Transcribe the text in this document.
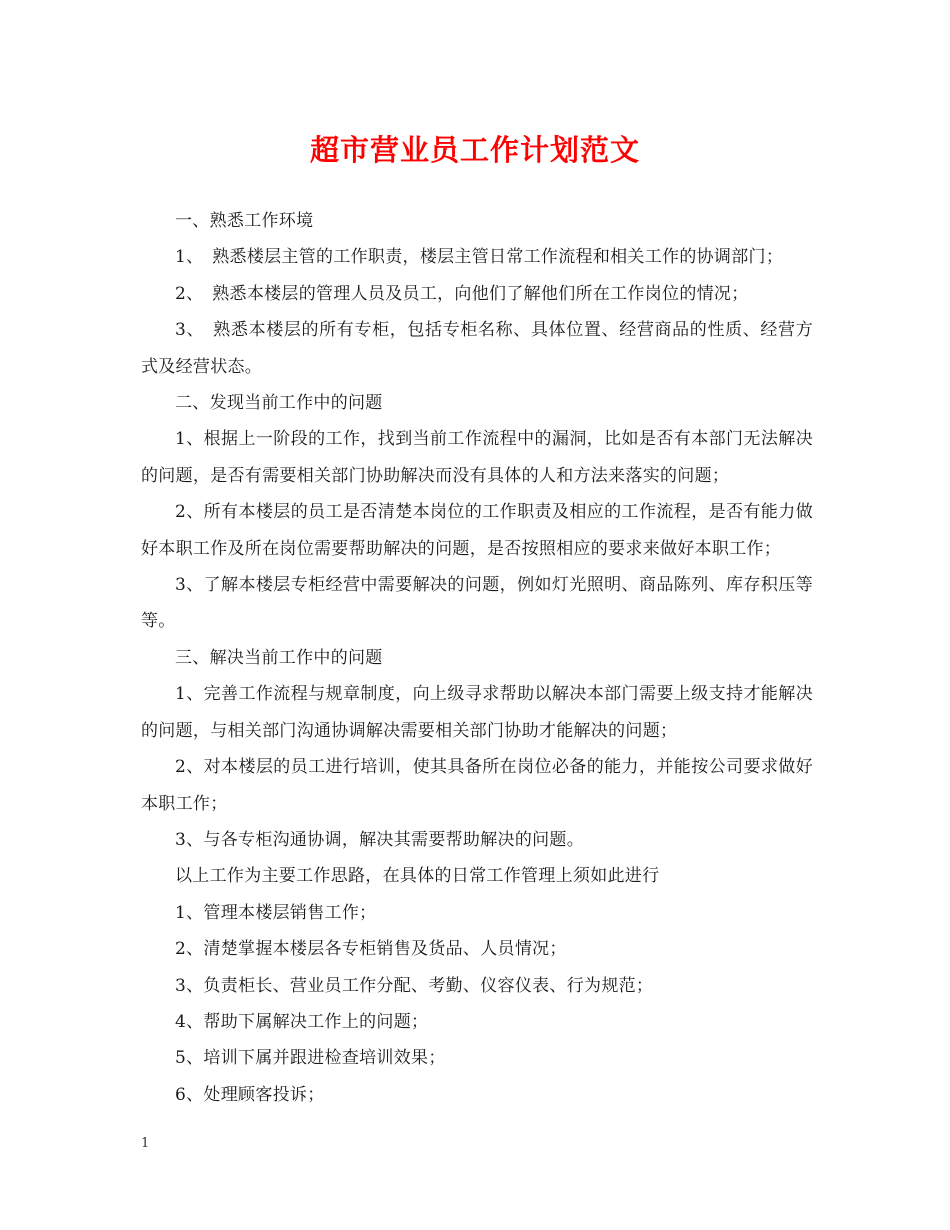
超市营业员工作计划范文

一、熟悉工作环境

1、　熟悉楼层主管的工作职责，楼层主管日常工作流程和相关工作的协调部门；

2、　熟悉本楼层的管理人员及员工，向他们了解他们所在工作岗位的情况；

3、　熟悉本楼层的所有专柜，包括专柜名称、具体位置、经营商品的性质、经营方式及经营状态。

二、发现当前工作中的问题

1、根据上一阶段的工作，找到当前工作流程中的漏洞，比如是否有本部门无法解决的问题，是否有需要相关部门协助解决而没有具体的人和方法来落实的问题；

2、所有本楼层的员工是否清楚本岗位的工作职责及相应的工作流程，是否有能力做好本职工作及所在岗位需要帮助解决的问题，是否按照相应的要求来做好本职工作；

3、了解本楼层专柜经营中需要解决的问题，例如灯光照明、商品陈列、库存积压等等。

三、解决当前工作中的问题

1、完善工作流程与规章制度，向上级寻求帮助以解决本部门需要上级支持才能解决的问题，与相关部门沟通协调解决需要相关部门协助才能解决的问题；

2、对本楼层的员工进行培训，使其具备所在岗位必备的能力，并能按公司要求做好本职工作；

3、与各专柜沟通协调，解决其需要帮助解决的问题。

以上工作为主要工作思路，在具体的日常工作管理上须如此进行

1、管理本楼层销售工作；

2、清楚掌握本楼层各专柜销售及货品、人员情况；

3、负责柜长、营业员工作分配、考勤、仪容仪表、行为规范；

4、帮助下属解决工作上的问题；

5、培训下属并跟进检查培训效果；

6、处理顾客投诉；

1
